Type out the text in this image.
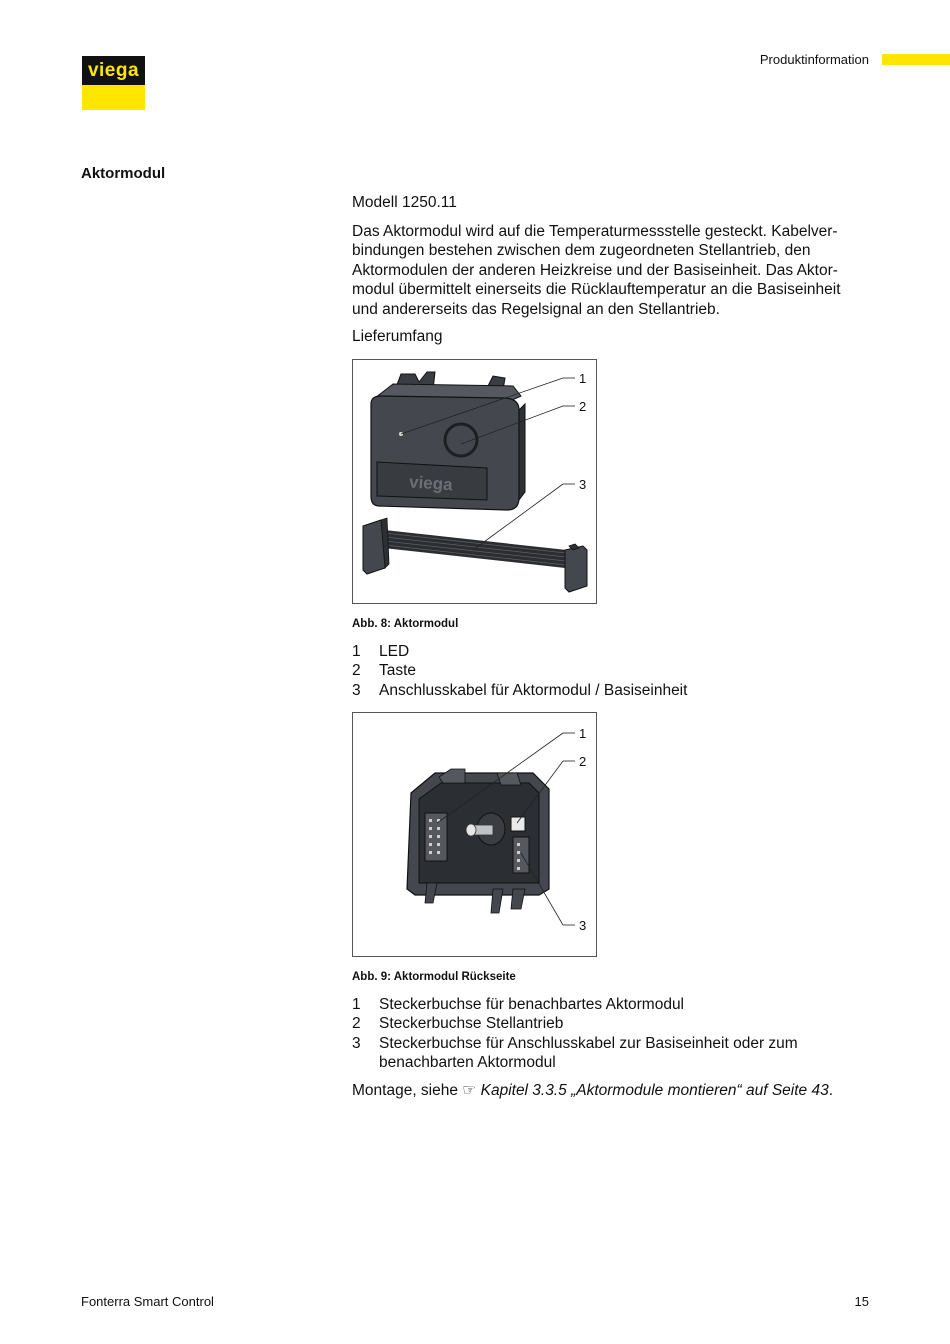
viega
Produktinformation
Aktormodul
Modell 1250.11

Das Aktormodul wird auf die Temperaturmessstelle gesteckt. Kabelver-
bindungen bestehen zwischen dem zugeordneten Stellantrieb, den
Aktormodulen der anderen Heizkreise und der Basiseinheit. Das Aktor-
modul übermittelt einerseits die Rücklauftemperatur an die Basiseinheit
und andererseits das Regelsignal an den Stellantrieb.

Lieferumfang
viega
1
2
3
Abb. 8: Aktormodul
1 LED
2 Taste
3 Anschlusskabel für Aktormodul / Basiseinheit
1
2
3
Abb. 9: Aktormodul Rückseite
1 Steckerbuchse für benachbartes Aktormodul
2 Steckerbuchse Stellantrieb
3 Steckerbuchse für Anschlusskabel zur Basiseinheit oder zum benachbarten Aktormodul
Montage, siehe ☞ Kapitel 3.3.5 „Aktormodule montieren“ auf Seite 43.
Fonterra Smart Control	15
